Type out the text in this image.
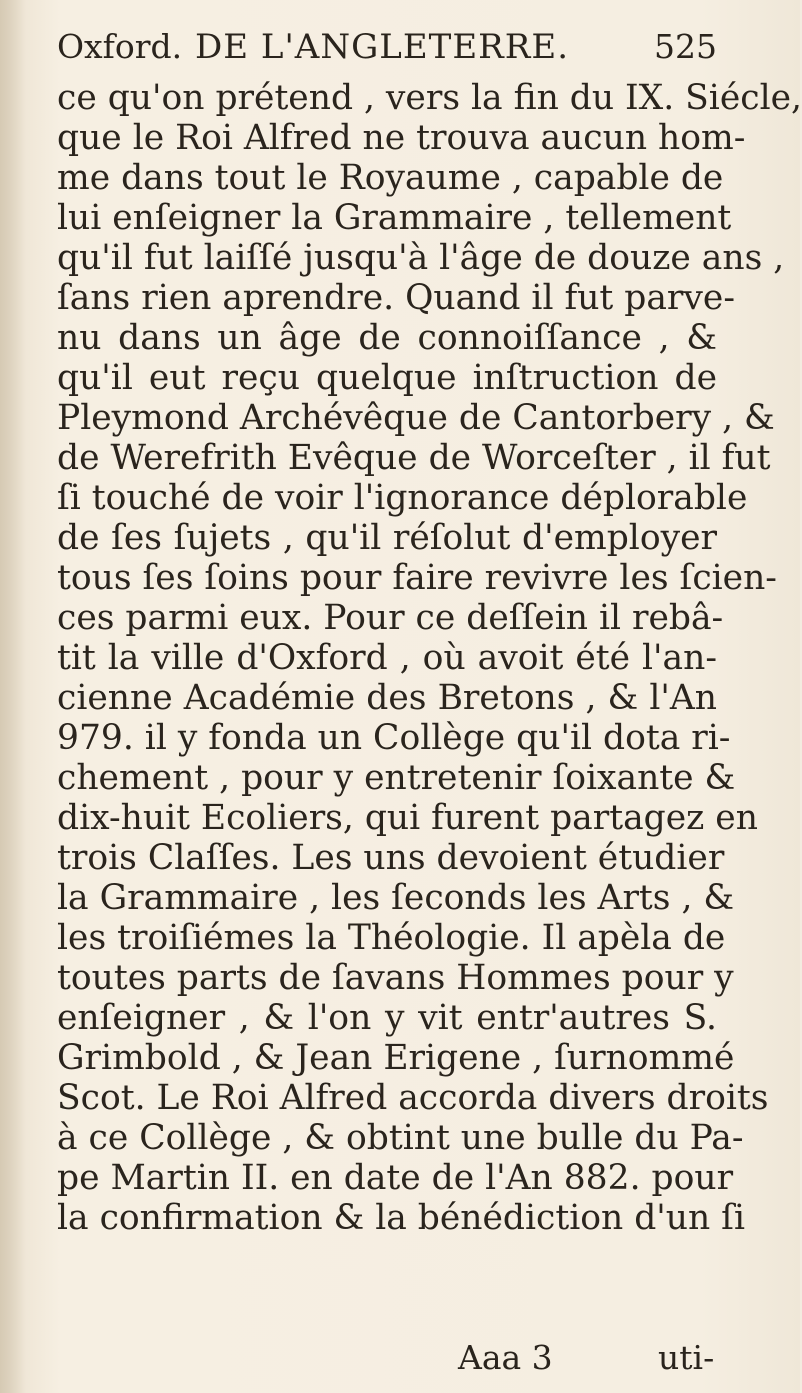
Oxford. DE L'ANGLETERRE.	525
ce qu'on prétend , vers la fin du IX. Siécle,
que le Roi Alfred ne trouva aucun hom-
me dans tout le Royaume , capable de
lui enſeigner la Grammaire , tellement
qu'il fut laiſſé jusqu'à l'âge de douze ans ,
ſans rien aprendre. Quand il fut parve-
nu dans un âge de connoiſſance , &
qu'il eut reçu quelque inſtruction de
Pleymond Archévêque de Cantorbery , &
de Werefrith Evêque de Worceſter , il fut
ſi touché de voir l'ignorance déplorable
de ſes ſujets , qu'il réſolut d'employer
tous ſes ſoins pour faire revivre les ſcien-
ces parmi eux. Pour ce deſſein il rebâ-
tit la ville d'Oxford , où avoit été l'an-
cienne Académie des Bretons , & l'An
979. il y fonda un Collège qu'il dota ri-
chement , pour y entretenir ſoixante &
dix-huit Ecoliers, qui furent partagez en
trois Claſſes. Les uns devoient étudier
la Grammaire , les ſeconds les Arts , &
les troiſiémes la Théologie. Il apèla de
toutes parts de ſavans Hommes pour y
enſeigner , & l'on y vit entr'autres S.
Grimbold , & Jean Erigene , ſurnommé
Scot. Le Roi Alfred accorda divers droits
à ce Collège , & obtint une bulle du Pa-
pe Martin II. en date de l'An 882. pour
la confirmation & la bénédiction d'un ſi
Aaa 3	uti-
